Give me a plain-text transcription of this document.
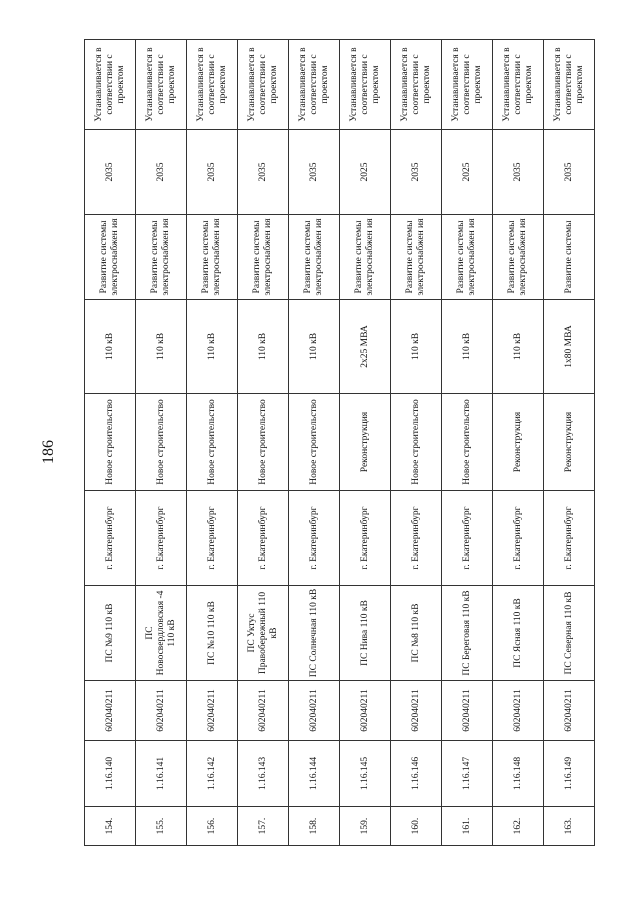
186
154.	1.16.140	602040211	ПС №9 110 кВ	г. Екатеринбург	Новое строительство	110 кВ	Развитие системы электроснабжен ия	2035	Устанавливается в соответствии с проектом
155.	1.16.141	602040211	ПС Новосвердловская -4 110 кВ	г. Екатеринбург	Новое строительство	110 кВ	Развитие системы электроснабжен ия	2035	Устанавливается в соответствии с проектом
156.	1.16.142	602040211	ПС №10 110 кВ	г. Екатеринбург	Новое строительство	110 кВ	Развитие системы электроснабжен ия	2035	Устанавливается в соответствии с проектом
157.	1.16.143	602040211	ПС Уктус Правобережный 110 кВ	г. Екатеринбург	Новое строительство	110 кВ	Развитие системы электроснабжен ия	2035	Устанавливается в соответствии с проектом
158.	1.16.144	602040211	ПС Солнечная 110 кВ	г. Екатеринбург	Новое строительство	110 кВ	Развитие системы электроснабжен ия	2035	Устанавливается в соответствии с проектом
159.	1.16.145	602040211	ПС Нива 110 кВ	г. Екатеринбург	Реконструкция	2х25 МВА	Развитие системы электроснабжен ия	2025	Устанавливается в соответствии с проектом
160.	1.16.146	602040211	ПС №8 110 кВ	г. Екатеринбург	Новое строительство	110 кВ	Развитие системы электроснабжен ия	2035	Устанавливается в соответствии с проектом
161.	1.16.147	602040211	ПС Береговая 110 кВ	г. Екатеринбург	Новое строительство	110 кВ	Развитие системы электроснабжен ия	2025	Устанавливается в соответствии с проектом
162.	1.16.148	602040211	ПС Ясная 110 кВ	г. Екатеринбург	Реконструкция	110 кВ	Развитие системы электроснабжен ия	2035	Устанавливается в соответствии с проектом
163.	1.16.149	602040211	ПС Северная 110 кВ	г. Екатеринбург	Реконструкция	1х80 МВА	Развитие системы	2035	Устанавливается в соответствии с проектом
